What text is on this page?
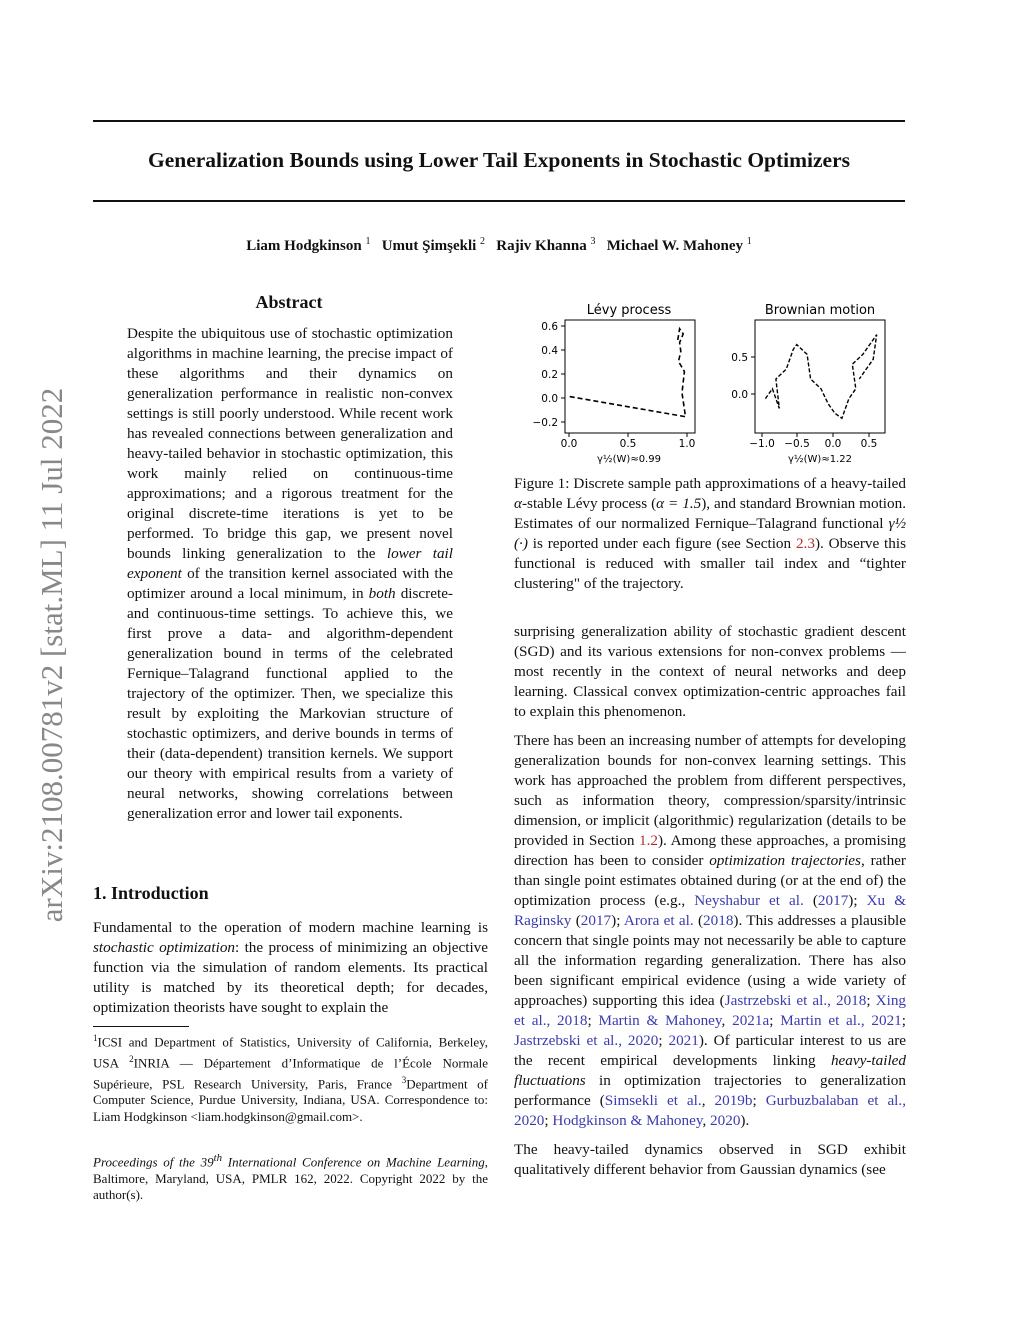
Generalization Bounds using Lower Tail Exponents in Stochastic Optimizers
Liam Hodgkinson $^1$ Umut Şimşekli $^2$ Rajiv Khanna $^3$ Michael W. Mahoney $^1$
arXiv:2108.00781v2 [stat.ML] 11 Jul 2022
Abstract
Despite the ubiquitous use of stochastic optimization algorithms in machine learning, the precise impact of these algorithms and their dynamics on generalization performance in realistic non-convex settings is still poorly understood. While recent work has revealed connections between generalization and heavy-tailed behavior in stochastic optimization, this work mainly relied on continuous-time approximations; and a rigorous treatment for the original discrete-time iterations is yet to be performed. To bridge this gap, we present novel bounds linking generalization to the lower tail exponent of the transition kernel associated with the optimizer around a local minimum, in both discrete- and continuous-time settings. To achieve this, we first prove a data- and algorithm-dependent generalization bound in terms of the celebrated Fernique–Talagrand functional applied to the trajectory of the optimizer. Then, we specialize this result by exploiting the Markovian structure of stochastic optimizers, and derive bounds in terms of their (data-dependent) transition kernels. We support our theory with empirical results from a variety of neural networks, showing correlations between generalization error and lower tail exponents.
1. Introduction
Fundamental to the operation of modern machine learning is stochastic optimization: the process of minimizing an objective function via the simulation of random elements. Its practical utility is matched by its theoretical depth; for decades, optimization theorists have sought to explain the
$^1$ICSI and Department of Statistics, University of California, Berkeley, USA $^2$INRIA — Département d’Informatique de l’École Normale Supérieure, PSL Research University, Paris, France $^3$Department of Computer Science, Purdue University, Indiana, USA. Correspondence to: Liam Hodgkinson <liam.hodgkinson@gmail.com>.
Proceedings of the 39th International Conference on Machine Learning, Baltimore, Maryland, USA, PMLR 162, 2022. Copyright 2022 by the author(s).
Lévy process
0.6
0.4
0.2
0.0
−0.2
0.0	0.5	1.0
γ½(W)≈0.99
Brownian motion
0.5
0.0
−1.0 −0.5 0.0 0.5
γ½(W)≈1.22
Figure 1: Discrete sample path approximations of a heavy-tailed α-stable Lévy process (α = 1.5), and standard Brownian motion. Estimates of our normalized Fernique–Talagrand functional γ½ (·) is reported under each figure (see Section 2.3). Observe this functional is reduced with smaller tail index and “tighter clustering" of the trajectory.

surprising generalization ability of stochastic gradient descent (SGD) and its various extensions for non-convex problems — most recently in the context of neural networks and deep learning. Classical convex optimization-centric approaches fail to explain this phenomenon.

There has been an increasing number of attempts for developing generalization bounds for non-convex learning settings. This work has approached the problem from different perspectives, such as information theory, compression/sparsity/intrinsic dimension, or implicit (algorithmic) regularization (details to be provided in Section 1.2). Among these approaches, a promising direction has been to consider optimization trajectories, rather than single point estimates obtained during (or at the end of) the optimization process (e.g., Neyshabur et al. (2017); Xu & Raginsky (2017); Arora et al. (2018). This addresses a plausible concern that single points may not necessarily be able to capture all the information regarding generalization. There has also been significant empirical evidence (using a wide variety of approaches) supporting this idea (Jastrzebski et al., 2018; Xing et al., 2018; Martin & Mahoney, 2021a; Martin et al., 2021; Jastrzebski et al., 2020; 2021). Of particular interest to us are the recent empirical developments linking heavy-tailed fluctuations in optimization trajectories to generalization performance (Simsekli et al., 2019b; Gurbuzbalaban et al., 2020; Hodgkinson & Mahoney, 2020).

The heavy-tailed dynamics observed in SGD exhibit qualitatively different behavior from Gaussian dynamics (see
